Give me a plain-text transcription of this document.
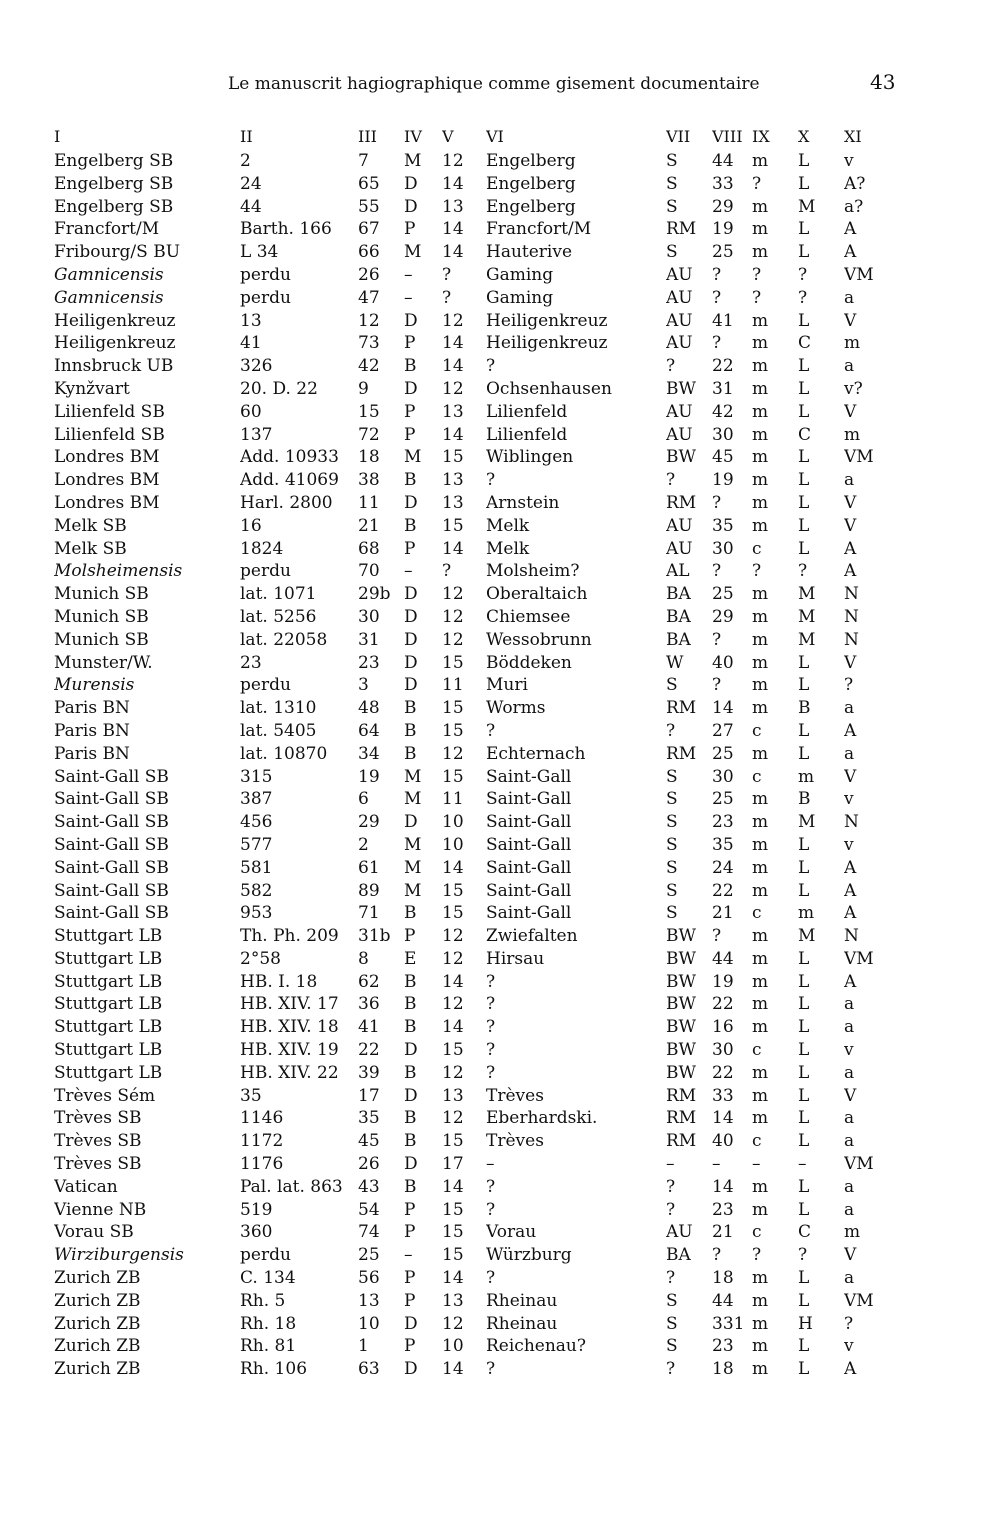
Le manuscrit hagiographique comme gisement documentaire	43
I	II	III	IV	V	VI	VII	VIII	IX	X	XI
Engelberg SB	2	7	M	12	Engelberg	S	44	m	L	v
Engelberg SB	24	65	D	14	Engelberg	S	33	?	L	A?
Engelberg SB	44	55	D	13	Engelberg	S	29	m	M	a?
Francfort/M	Barth. 166	67	P	14	Francfort/M	RM	19	m	L	A
Fribourg/S BU	L 34	66	M	14	Hauterive	S	25	m	L	A
Gamnicensis	perdu	26	–	?	Gaming	AU	?	?	?	VM
Gamnicensis	perdu	47	–	?	Gaming	AU	?	?	?	a
Heiligenkreuz	13	12	D	12	Heiligenkreuz	AU	41	m	L	V
Heiligenkreuz	41	73	P	14	Heiligenkreuz	AU	?	m	C	m
Innsbruck UB	326	42	B	14	?	?	22	m	L	a
Kynžvart	20. D. 22	9	D	12	Ochsenhausen	BW	31	m	L	v?
Lilienfeld SB	60	15	P	13	Lilienfeld	AU	42	m	L	V
Lilienfeld SB	137	72	P	14	Lilienfeld	AU	30	m	C	m
Londres BM	Add. 10933	18	M	15	Wiblingen	BW	45	m	L	VM
Londres BM	Add. 41069	38	B	13	?	?	19	m	L	a
Londres BM	Harl. 2800	11	D	13	Arnstein	RM	?	m	L	V
Melk SB	16	21	B	15	Melk	AU	35	m	L	V
Melk SB	1824	68	P	14	Melk	AU	30	c	L	A
Molsheimensis	perdu	70	–	?	Molsheim?	AL	?	?	?	A
Munich SB	lat. 1071	29b	D	12	Oberaltaich	BA	25	m	M	N
Munich SB	lat. 5256	30	D	12	Chiemsee	BA	29	m	M	N
Munich SB	lat. 22058	31	D	12	Wessobrunn	BA	?	m	M	N
Munster/W.	23	23	D	15	Böddeken	W	40	m	L	V
Murensis	perdu	3	D	11	Muri	S	?	m	L	?
Paris BN	lat. 1310	48	B	15	Worms	RM	14	m	B	a
Paris BN	lat. 5405	64	B	15	?	?	27	c	L	A
Paris BN	lat. 10870	34	B	12	Echternach	RM	25	m	L	a
Saint-Gall SB	315	19	M	15	Saint-Gall	S	30	c	m	V
Saint-Gall SB	387	6	M	11	Saint-Gall	S	25	m	B	v
Saint-Gall SB	456	29	D	10	Saint-Gall	S	23	m	M	N
Saint-Gall SB	577	2	M	10	Saint-Gall	S	35	m	L	v
Saint-Gall SB	581	61	M	14	Saint-Gall	S	24	m	L	A
Saint-Gall SB	582	89	M	15	Saint-Gall	S	22	m	L	A
Saint-Gall SB	953	71	B	15	Saint-Gall	S	21	c	m	A
Stuttgart LB	Th. Ph. 209	31b	P	12	Zwiefalten	BW	?	m	M	N
Stuttgart LB	2°58	8	E	12	Hirsau	BW	44	m	L	VM
Stuttgart LB	HB. I. 18	62	B	14	?	BW	19	m	L	A
Stuttgart LB	HB. XIV. 17	36	B	12	?	BW	22	m	L	a
Stuttgart LB	HB. XIV. 18	41	B	14	?	BW	16	m	L	a
Stuttgart LB	HB. XIV. 19	22	D	15	?	BW	30	c	L	v
Stuttgart LB	HB. XIV. 22	39	B	12	?	BW	22	m	L	a
Trèves Sém	35	17	D	13	Trèves	RM	33	m	L	V
Trèves SB	1146	35	B	12	Eberhardski.	RM	14	m	L	a
Trèves SB	1172	45	B	15	Trèves	RM	40	c	L	a
Trèves SB	1176	26	D	17	–	–	–	–	–	VM
Vatican	Pal. lat. 863	43	B	14	?	?	14	m	L	a
Vienne NB	519	54	P	15	?	?	23	m	L	a
Vorau SB	360	74	P	15	Vorau	AU	21	c	C	m
Wirziburgensis	perdu	25	–	15	Würzburg	BA	?	?	?	V
Zurich ZB	C. 134	56	P	14	?	?	18	m	L	a
Zurich ZB	Rh. 5	13	P	13	Rheinau	S	44	m	L	VM
Zurich ZB	Rh. 18	10	D	12	Rheinau	S	331	m	H	?
Zurich ZB	Rh. 81	1	P	10	Reichenau?	S	23	m	L	v
Zurich ZB	Rh. 106	63	D	14	?	?	18	m	L	A
